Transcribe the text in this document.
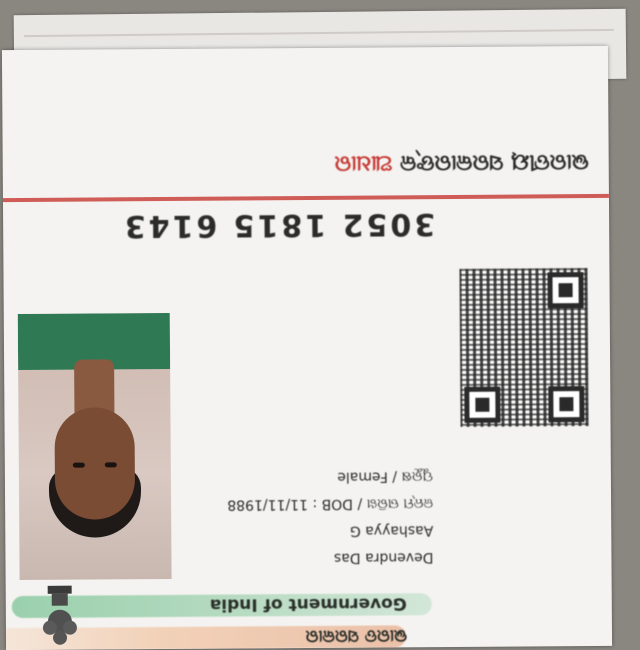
ଭାରତ ସରକାର
Government of India
Devendra Das
Aashayya G
ଜନ୍ମ ତାରିଖ / DOB : 11/11/1988
ପୁରୁଷ / Female
3052 1815 6143
ଭାରତୀୟ ସରକାରଙ୍କ ଆଧାର
